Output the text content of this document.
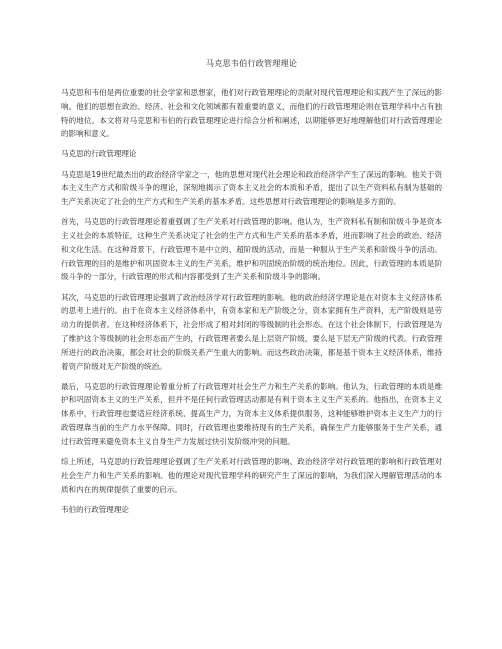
马克思韦伯行政管理理论

马克思和韦伯是两位重要的社会学家和思想家，他们对行政管理理论的贡献对现代管理理论和实践产生了深远的影响。他们的思想在政治、经济、社会和文化领域都有着重要的意义，而他们的行政管理理论则在管理学科中占有独特的地位。本文将对马克思和韦伯的行政管理理论进行综合分析和阐述，以期能够更好地理解他们对行政管理理论的影响和意义。

马克思的行政管理理论

马克思是19世纪最杰出的政治经济学家之一，他的思想对现代社会理论和政治经济学产生了深远的影响。他关于资本主义生产方式和阶级斗争的理论，深刻地揭示了资本主义社会的本质和矛盾，提出了以生产资料私有制为基础的生产关系决定了社会的生产方式和生产关系的基本矛盾。这些思想对行政管理理论的影响是多方面的。

首先，马克思的行政管理理论着重强调了生产关系对行政管理的影响。他认为，生产资料私有制和阶级斗争是资本主义社会的本质特征，这种生产关系决定了社会的生产方式和生产关系的基本矛盾，进而影响了社会的政治、经济和文化生活。在这种背景下，行政管理不是中立的、超阶级的活动，而是一种服从于生产关系和阶级斗争的活动。行政管理的目的是维护和巩固资本主义的生产关系，维护和巩固统治阶级的统治地位。因此，行政管理的本质是阶级斗争的一部分，行政管理的形式和内容都受到了生产关系和阶级斗争的影响。

其次，马克思的行政管理理论强调了政治经济学对行政管理的影响。他的政治经济学理论是在对资本主义经济体系的思考上进行的。由于在资本主义经济体系中，有资本家和无产阶级之分，资本家拥有生产资料，无产阶级则是劳动力的提供者。在这种经济体系下，社会形成了相对封闭的等级制的社会形态。在这个社会体制下，行政管理是为了维护这个等级制的社会形态而产生的，行政管理者要么是上层资产阶级，要么是下层无产阶级的代表。行政管理所进行的政治决策，都会对社会的阶级关系产生重大的影响。而这些政治决策，都是基于资本主义经济体系，维持着资产阶级对无产阶级的统治。

最后，马克思的行政管理理论着重分析了行政管理对社会生产力和生产关系的影响。他认为，行政管理的本质是维护和巩固资本主义的生产关系，但并不是任何行政管理活动都是有利于资本主义生产关系的。他指出，在资本主义体系中，行政管理也要适应经济系统、提高生产力，为资本主义体系提供服务，这种能够维护资本主义生产力的行政管理靠当前的生产力水平保障。同时，行政管理也要维持现有的生产关系，确保生产力能够服务于生产关系，通过行政管理来避免资本主义自身生产力发展过快引发阶级冲突的问题。

综上所述，马克思的行政管理理论强调了生产关系对行政管理的影响、政治经济学对行政管理的影响和行政管理对社会生产力和生产关系的影响。他的理论对现代管理学科的研究产生了深远的影响，为我们深入理解管理活动的本质和内在的规律提供了重要的启示。

韦伯的行政管理理论
